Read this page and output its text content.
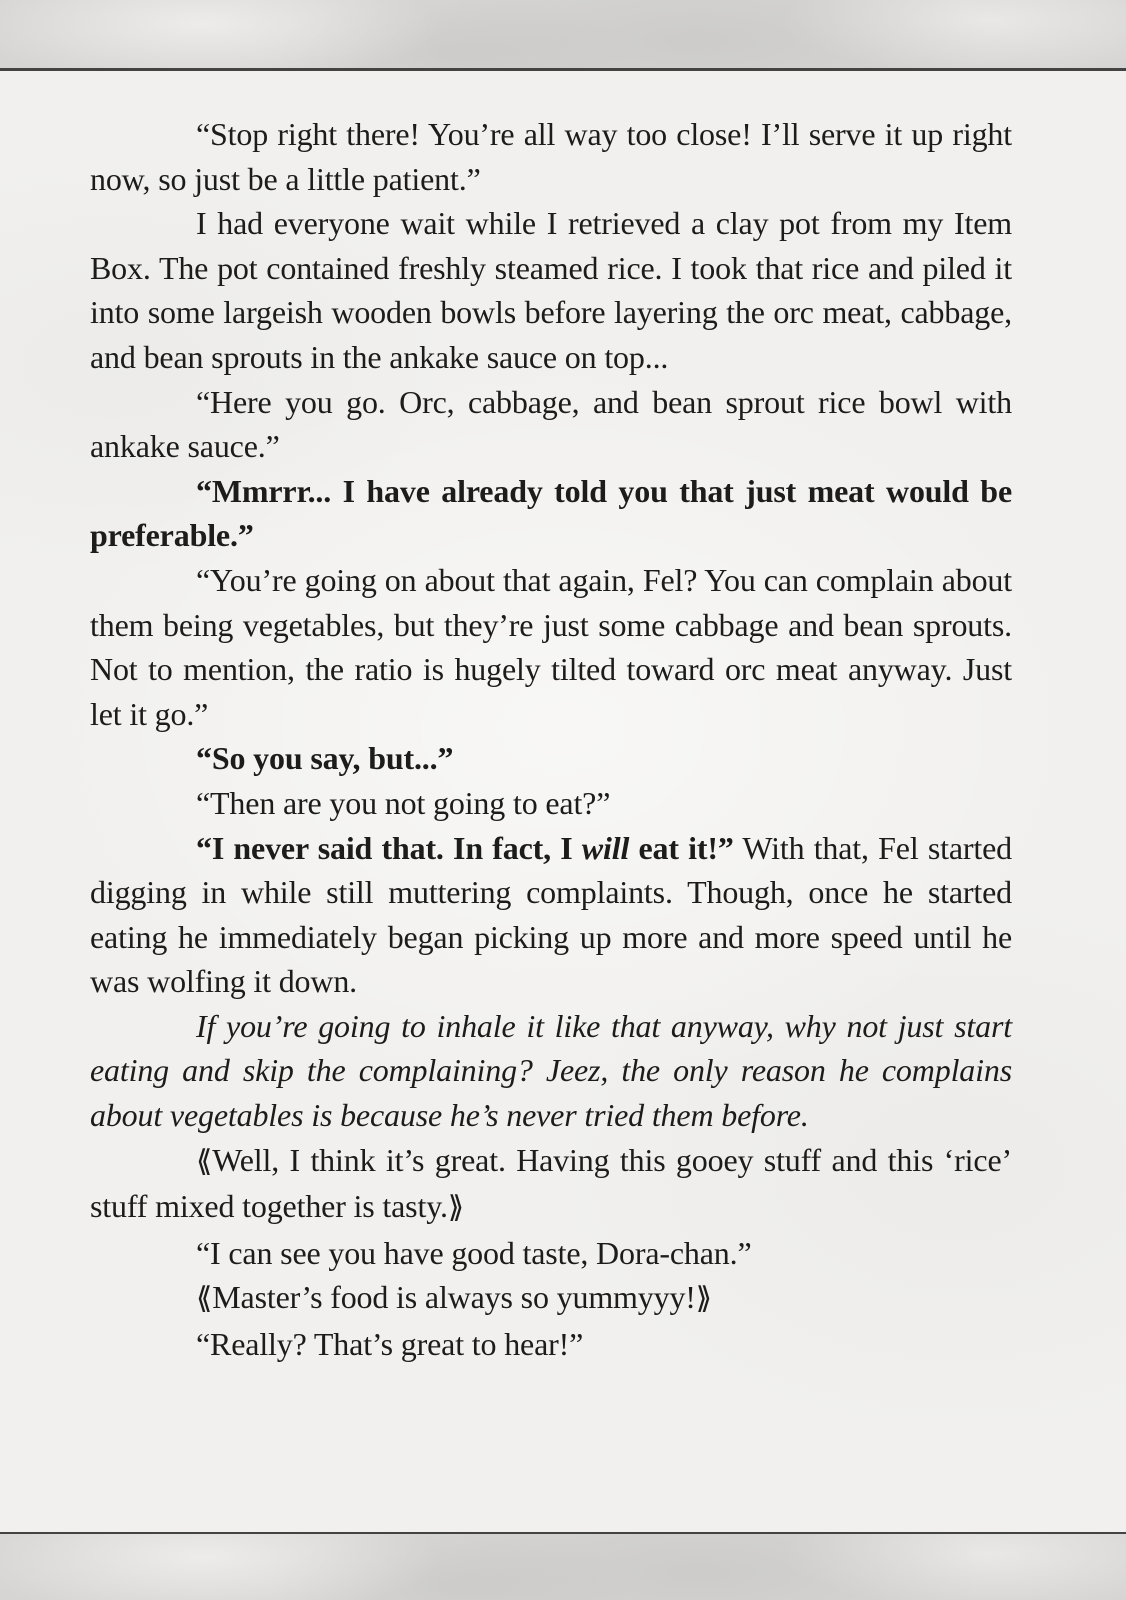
“Stop right there! You’re all way too close! I’ll serve it up right now, so just be a little patient.”

I had everyone wait while I retrieved a clay pot from my Item Box. The pot contained freshly steamed rice. I took that rice and piled it into some largeish wooden bowls before layering the orc meat, cabbage, and bean sprouts in the ankake sauce on top...

“Here you go. Orc, cabbage, and bean sprout rice bowl with ankake sauce.”

“Mmrrr... I have already told you that just meat would be preferable.”

“You’re going on about that again, Fel? You can complain about them being vegetables, but they’re just some cabbage and bean sprouts. Not to mention, the ratio is hugely tilted toward orc meat anyway. Just let it go.”

“So you say, but...”

“Then are you not going to eat?”

“I never said that. In fact, I will eat it!” With that, Fel started digging in while still muttering complaints. Though, once he started eating he immediately began picking up more and more speed until he was wolfing it down.

If you’re going to inhale it like that anyway, why not just start eating and skip the complaining? Jeez, the only reason he complains about vegetables is because he’s never tried them before.

⟨⟨ Well, I think it’s great. Having this gooey stuff and this ‘rice’ stuff mixed together is tasty.⟩⟩

“I can see you have good taste, Dora-chan.”

⟨⟨ Master’s food is always so yummyyy!⟩⟩

“Really? That’s great to hear!”
